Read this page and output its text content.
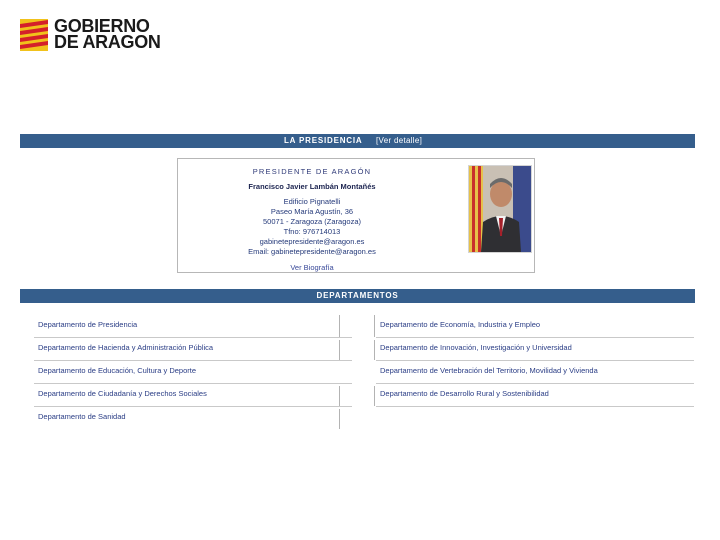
GOBIERNO
DE ARAGON
LA PRESIDENCIA [Ver detalle]
PRESIDENTE DE ARAGÓN
Francisco Javier Lambán Montañés
Edificio Pignatelli
Paseo María Agustín, 36
50071 - Zaragoza (Zaragoza)
Tfno: 976714013
gabinetepresidente@aragon.es
Email: gabinetepresidente@aragon.es
Ver Biografía
DEPARTAMENTOS
Departamento de Presidencia
Departamento de Hacienda y Administración Pública
Departamento de Educación, Cultura y Deporte
Departamento de Ciudadanía y Derechos Sociales
Departamento de Sanidad
Departamento de Economía, Industria y Empleo
Departamento de Innovación, Investigación y Universidad
Departamento de Vertebración del Territorio, Movilidad y Vivienda
Departamento de Desarrollo Rural y Sostenibilidad
